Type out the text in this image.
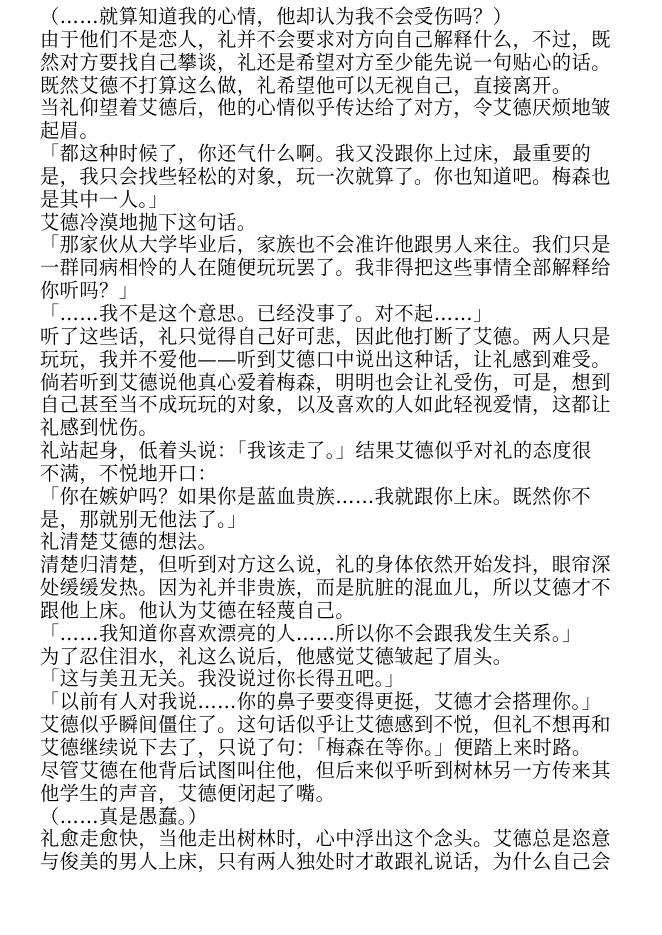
（……就算知道我的心情，他却认为我不会受伤吗？）
由于他们不是恋人，礼并不会要求对方向自己解释什么，不过，既
然对方要找自己攀谈，礼还是希望对方至少能先说一句贴心的话。
既然艾德不打算这么做，礼希望他可以无视自己，直接离开。
当礼仰望着艾德后，他的心情似乎传达给了对方，令艾德厌烦地皱
起眉。
「都这种时候了，你还气什么啊。我又没跟你上过床，最重要的
是，我只会找些轻松的对象，玩一次就算了。你也知道吧。梅森也
是其中一人。」
艾德冷漠地抛下这句话。
「那家伙从大学毕业后，家族也不会准许他跟男人来往。我们只是
一群同病相怜的人在随便玩玩罢了。我非得把这些事情全部解释给
你听吗？」
「……我不是这个意思。已经没事了。对不起……」
听了这些话，礼只觉得自己好可悲，因此他打断了艾德。两人只是
玩玩，我并不爱他——听到艾德口中说出这种话，让礼感到难受。
倘若听到艾德说他真心爱着梅森，明明也会让礼受伤，可是，想到
自己甚至当不成玩玩的对象，以及喜欢的人如此轻视爱情，这都让
礼感到忧伤。
礼站起身，低着头说：「我该走了。」结果艾德似乎对礼的态度很
不满，不悦地开口：
「你在嫉妒吗？如果你是蓝血贵族……我就跟你上床。既然你不
是，那就别无他法了。」
礼清楚艾德的想法。
清楚归清楚，但听到对方这么说，礼的身体依然开始发抖，眼帘深
处缓缓发热。因为礼并非贵族，而是肮脏的混血儿，所以艾德才不
跟他上床。他认为艾德在轻蔑自己。
「……我知道你喜欢漂亮的人……所以你不会跟我发生关系。」
为了忍住泪水，礼这么说后，他感觉艾德皱起了眉头。
「这与美丑无关。我没说过你长得丑吧。」
「以前有人对我说……你的鼻子要变得更挺，艾德才会搭理你。」
艾德似乎瞬间僵住了。这句话似乎让艾德感到不悦，但礼不想再和
艾德继续说下去了，只说了句：「梅森在等你。」便踏上来时路。
尽管艾德在他背后试图叫住他，但后来似乎听到树林另一方传来其
他学生的声音，艾德便闭起了嘴。
（……真是愚蠢。）
礼愈走愈快，当他走出树林时，心中浮出这个念头。艾德总是恣意
与俊美的男人上床，只有两人独处时才敢跟礼说话，为什么自己会
